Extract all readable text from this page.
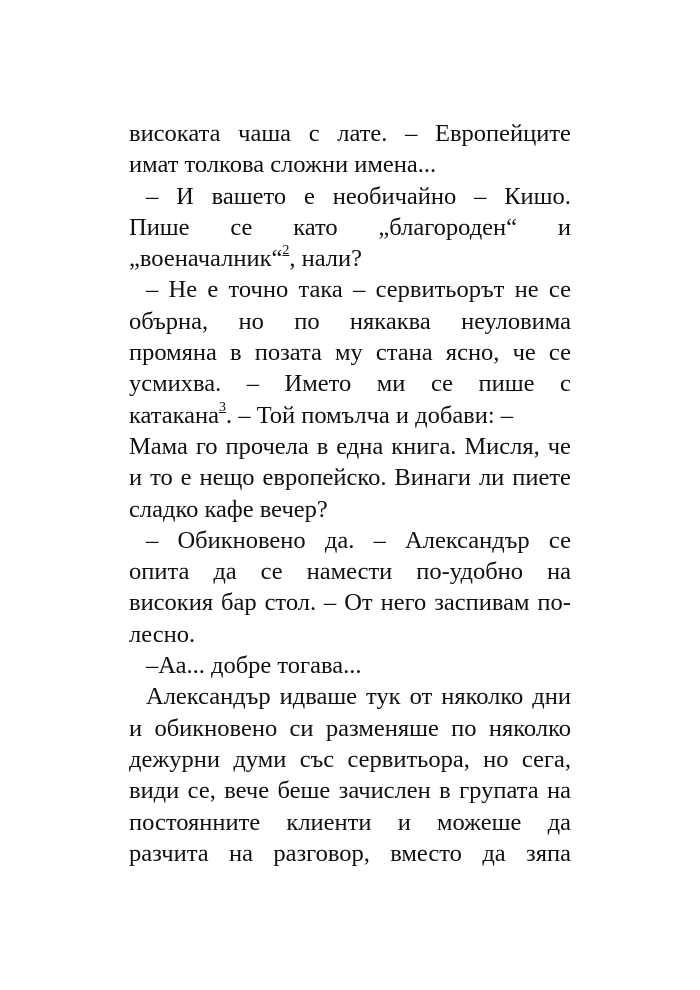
високата чаша с лате. – Европейците
имат толкова сложни имена...
– И вашето е необичайно – Кишо.
Пише се като „благороден“ и
„военачалник“$^2$, нали?
– Не е точно така – сервитьорът не се
обърна, но по някаква неуловима
промяна в позата му стана ясно, че се
усмихва. – Името ми се пише с
катакана$^3$. – Той помълча и добави: –
Мама го прочела в една книга. Мисля, че
и то е нещо европейско. Винаги ли пиете
сладко кафе вечер?
– Обикновено да. – Александър се
опита да се намести по-удобно на
високия бар стол. – От него заспивам по-
лесно.
–Аа... добре тогава...
Александър идваше тук от няколко дни
и обикновено си разменяше по няколко
дежурни думи със сервитьора, но сега,
види се, вече беше зачислен в групата на
постоянните клиенти и можеше да
разчита на разговор, вместо да зяпа
